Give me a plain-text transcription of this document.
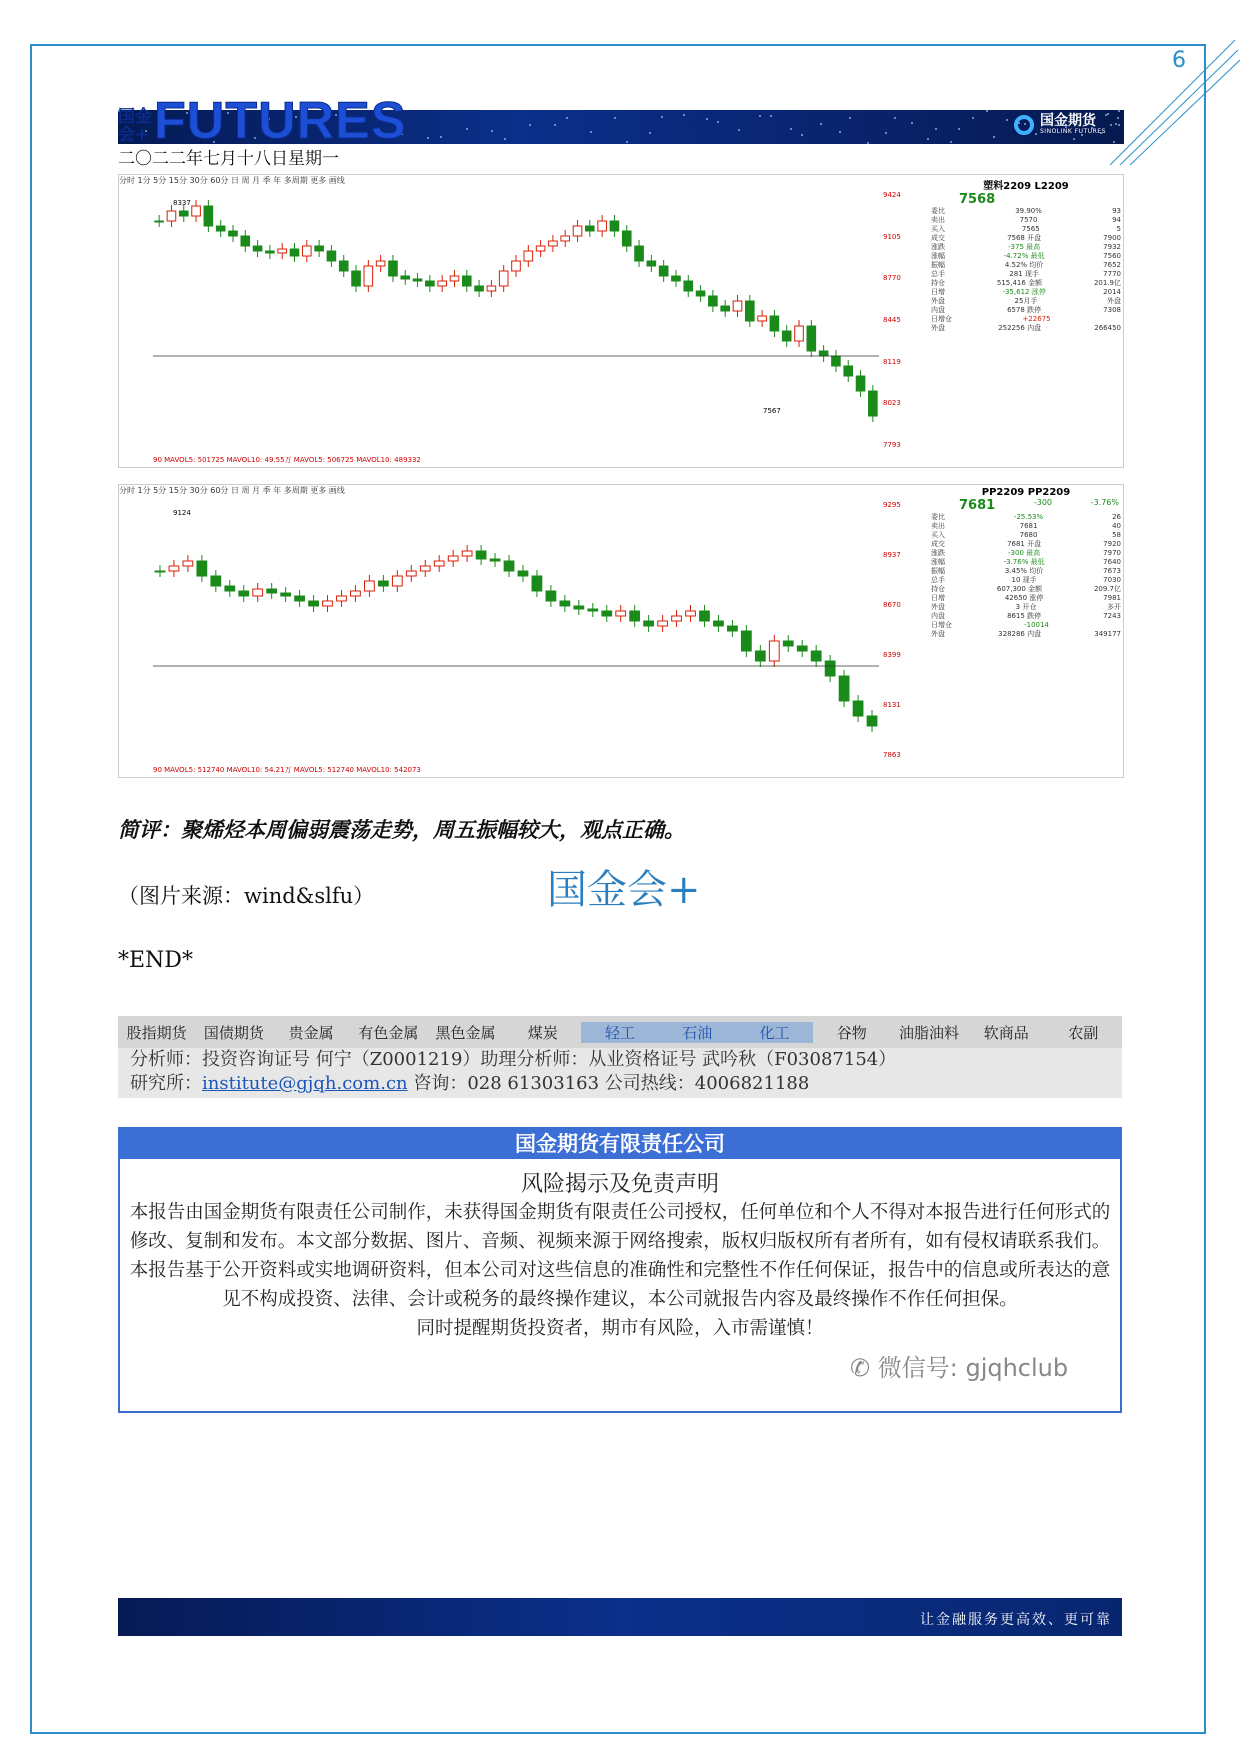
6
国金会+ FUTURES	国金期货
SINOLINK FUTURES
二〇二二年七月十八日星期一
分时 1分 5分 15分 30分 60分 日 周 月 季 年 多周期 更多 画线
8337
7567
9424
9105
8770
8445
8119
8023
7793
90 MAVOL5: 501725 MAVOL10: 49.55万 MAVOL5: 506725 MAVOL10: 489332
塑料2209 L2209
7568
委比	39.90%	93
卖出	7570	94
买入	7565	5
成交	7568 开盘	7900
涨跌	-375 最高	7932
涨幅	-4.72% 最低	7560
振幅	4.52% 均价	7652
总手	281 现手	7770
持仓	515,416 金额	201.9亿
日增	-35,612 涨停	2014
外盘	25月手	外盘
内盘	6578 跌停	7308
日增仓	+22675
外盘	252256 内盘	266450
分时 1分 5分 15分 30分 60分 日 周 月 季 年 多周期 更多 画线
9124
9295
8937
8670
8399
8131
7863
90 MAVOL5: 512740 MAVOL10: 54.21万 MAVOL5: 512740 MAVOL10: 542073
PP2209 PP2209
7681	-300	-3.76%
委比	-25.53%	26
卖出	7681	40
买入	7680	58
成交	7681 开盘	7920
涨跌	-300 最高	7970
涨幅	-3.76% 最低	7640
振幅	3.45% 均价	7673
总手	10 现手	7030
持仓	607,300 金额	209.7亿
日增	42650 涨停	7981
外盘	3 开仓	多开
内盘	8615 跌停	7243
日增仓	-10014
外盘	328286 内盘	349177
简评：聚烯烃本周偏弱震荡走势，周五振幅较大，观点正确。
国金会+
（图片来源：wind&slfu）
*END*
股指期货	国债期货	贵金属	有色金属	黑色金属	煤炭	轻工	石油	化工	谷物	油脂油料	软商品	农副
分析师：投资咨询证号 何宁（Z0001219）助理分析师：从业资格证号 武吟秋（F03087154）
研究所：institute@gjqh.com.cn 咨询：028 61303163 公司热线：4006821188
国金期货有限责任公司
风险揭示及免责声明
本报告由国金期货有限责任公司制作，未获得国金期货有限责任公司授权，任何单位和个人不得对本报告进行任何形式的修改、复制和发布。本文部分数据、图片、音频、视频来源于网络搜索，版权归版权所有者所有，如有侵权请联系我们。
本报告基于公开资料或实地调研资料，但本公司对这些信息的准确性和完整性不作任何保证，报告中的信息或所表达的意见不构成投资、法律、会计或税务的最终操作建议，本公司就报告内容及最终操作不作任何担保。
同时提醒期货投资者，期市有风险，入市需谨慎！
✆ 微信号: gjqhclub
让金融服务更高效、更可靠
